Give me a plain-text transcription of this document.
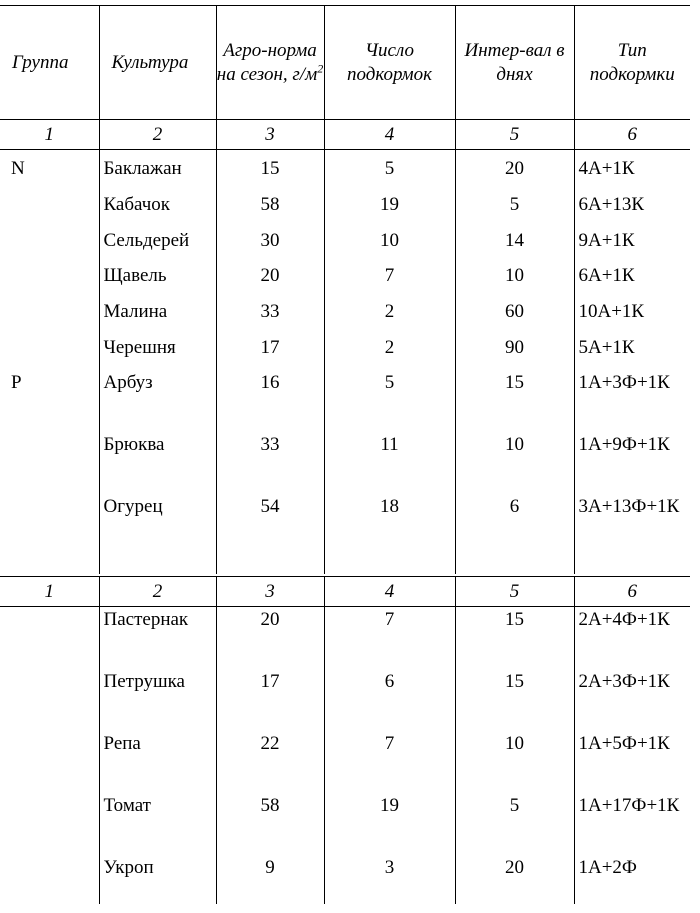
Группа	Культура	Агро-норма на сезон, $г/м^2$	Число подкормок	Интер-вал в днях	Тип подкормки
1	2	3	4	5	6
N	Баклажан	15	5	20	4А+1К
	Кабачок	58	19	5	6А+13К
	Сельдерей	30	10	14	9А+1К
	Щавель	20	7	10	6А+1К
	Малина	33	2	60	10А+1К
	Черешня	17	2	90	5А+1К
Р	Арбуз	16	5	15	1А+3Ф+1К
	Брюква	33	11	10	1А+9Ф+1К
	Огурец	54	18	6	3А+13Ф+1К

1	2	3	4	5	6
	Пастернак	20	7	15	2А+4Ф+1К
	Петрушка	17	6	15	2А+3Ф+1К
	Репа	22	7	10	1А+5Ф+1К
	Томат	58	19	5	1А+17Ф+1К
	Укроп	9	3	20	1А+2Ф
